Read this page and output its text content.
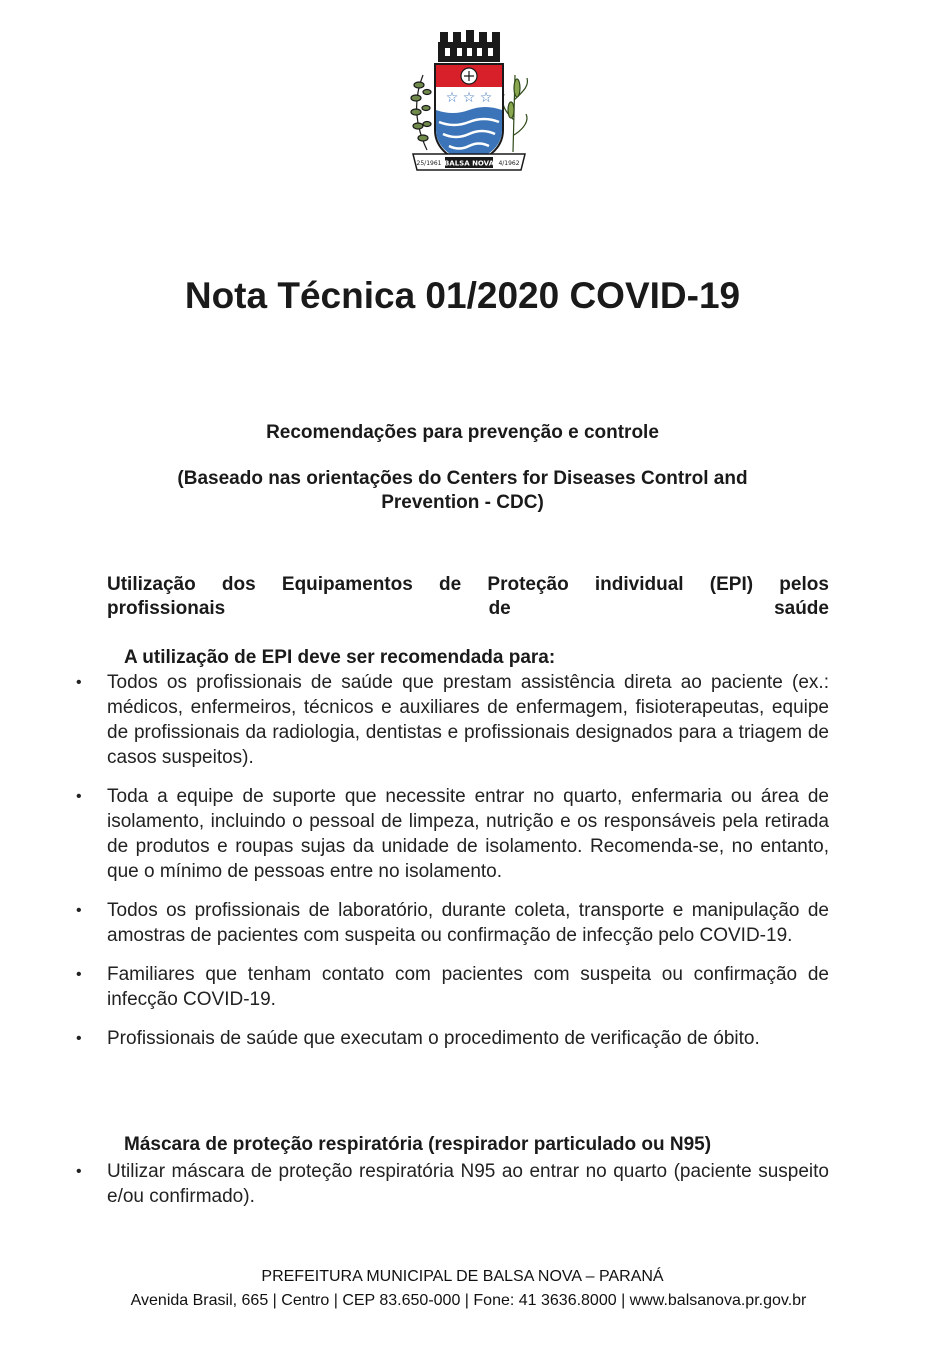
☆ ☆ ☆
25/1961 BALSA NOVA 4/1962
Nota Técnica 01/2020 COVID-19

Recomendações para prevenção e controle

(Baseado nas orientações do Centers for Diseases Control and
Prevention - CDC)
Utilização dos Equipamentos de Proteção individual (EPI) pelos
profissionais	de	saúde

A utilização de EPI deve ser recomendada para:

• Todos os profissionais de saúde que prestam assistência direta ao paciente (ex.: médicos, enfermeiros, técnicos e auxiliares de enfermagem, fisioterapeutas, equipe de profissionais da radiologia, dentistas e profissionais designados para a triagem de casos suspeitos).
• Toda a equipe de suporte que necessite entrar no quarto, enfermaria ou área de isolamento, incluindo o pessoal de limpeza, nutrição e os responsáveis pela retirada de produtos e roupas sujas da unidade de isolamento. Recomenda-se, no entanto, que o mínimo de pessoas entre no isolamento.
• Todos os profissionais de laboratório, durante coleta, transporte e manipulação de amostras de pacientes com suspeita ou confirmação de infecção pelo COVID-19.
• Familiares que tenham contato com pacientes com suspeita ou confirmação de infecção COVID-19.
• Profissionais de saúde que executam o procedimento de verificação de óbito.

Máscara de proteção respiratória (respirador particulado ou N95)

• Utilizar máscara de proteção respiratória N95 ao entrar no quarto (paciente suspeito e/ou confirmado).

PREFEITURA MUNICIPAL DE BALSA NOVA – PARANÁ

Avenida Brasil, 665 | Centro | CEP 83.650-000 | Fone: 41 3636.8000 | www.balsanova.pr.gov.br
